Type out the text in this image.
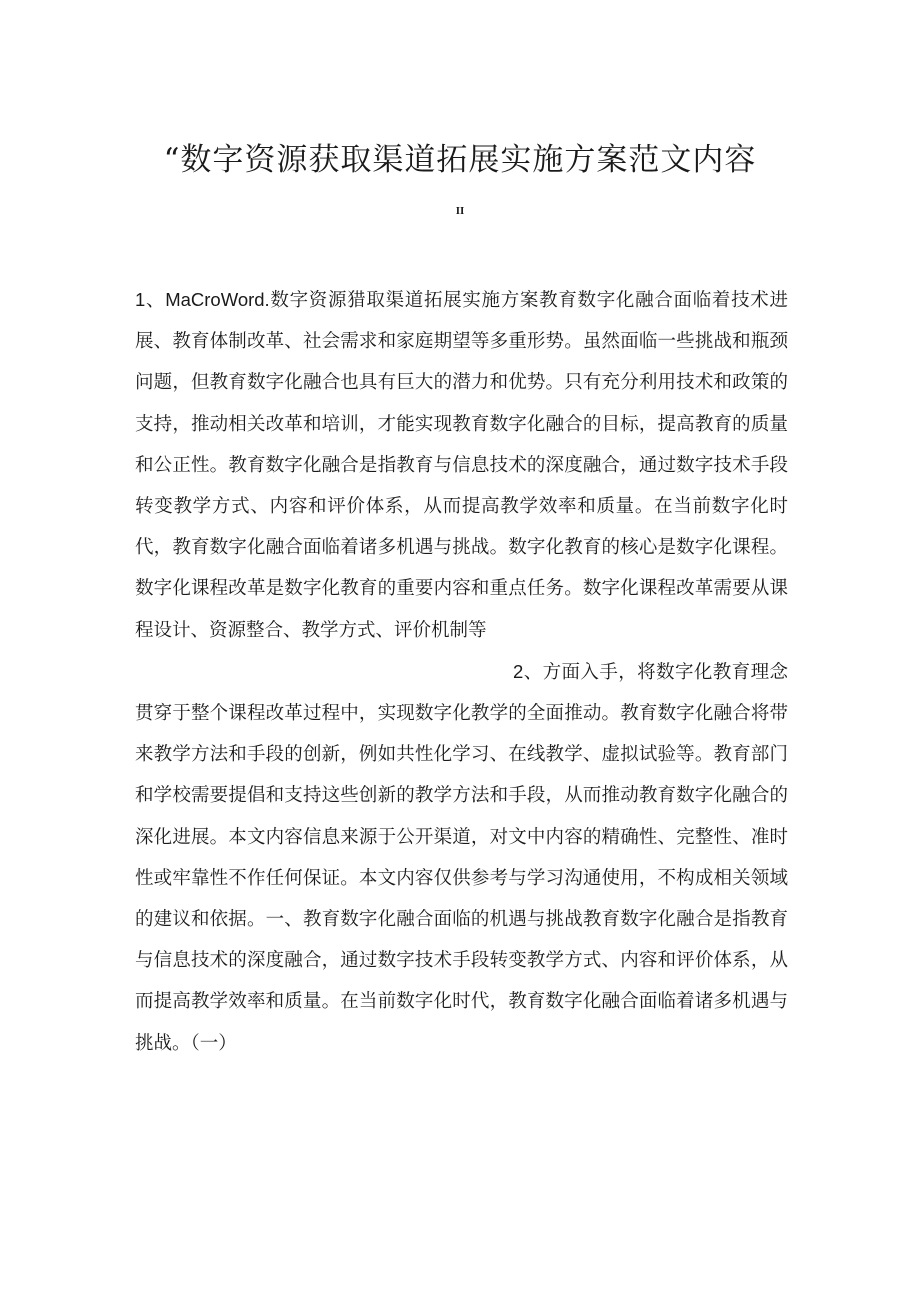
“数字资源获取渠道拓展实施方案范文内容
II

1、MaCroWord.数字资源猎取渠道拓展实施方案教育数字化融合面临着技术进展、教育体制改革、社会需求和家庭期望等多重形势。虽然面临一些挑战和瓶颈问题，但教育数字化融合也具有巨大的潜力和优势。只有充分利用技术和政策的支持，推动相关改革和培训，才能实现教育数字化融合的目标，提高教育的质量和公正性。教育数字化融合是指教育与信息技术的深度融合，通过数字技术手段转变教学方式、内容和评价体系，从而提高教学效率和质量。在当前数字化时代，教育数字化融合面临着诸多机遇与挑战。数字化教育的核心是数字化课程。数字化课程改革是数字化教育的重要内容和重点任务。数字化课程改革需要从课程设计、资源整合、教学方式、评价机制等

2、方面入手，将数字化教育理念贯穿于整个课程改革过程中，实现数字化教学的全面推动。教育数字化融合将带来教学方法和手段的创新，例如共性化学习、在线教学、虚拟试验等。教育部门和学校需要提倡和支持这些创新的教学方法和手段，从而推动教育数字化融合的深化进展。本文内容信息来源于公开渠道，对文中内容的精确性、完整性、准时性或牢靠性不作任何保证。本文内容仅供参考与学习沟通使用，不构成相关领域的建议和依据。一、教育数字化融合面临的机遇与挑战教育数字化融合是指教育与信息技术的深度融合，通过数字技术手段转变教学方式、内容和评价体系，从而提高教学效率和质量。在当前数字化时代，教育数字化融合面临着诸多机遇与挑战。（一）
